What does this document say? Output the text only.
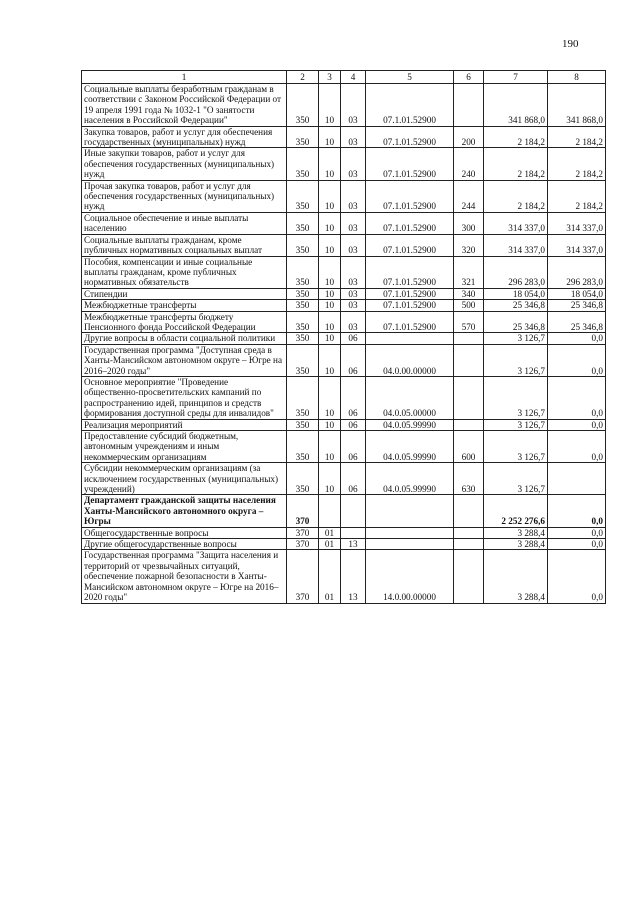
190
1	2	3	4	5	6	7	8
Социальные выплаты безработным гражданам в соответствии с Законом Российской Федерации от 19 апреля 1991 года № 1032-1 "О занятости населения в Российской Федерации"	350	10	03	07.1.01.52900		341 868,0	341 868,0
Закупка товаров, работ и услуг для обеспечения государственных (муниципальных) нужд	350	10	03	07.1.01.52900	200	2 184,2	2 184,2
Иные закупки товаров, работ и услуг для обеспечения государственных (муниципальных) нужд	350	10	03	07.1.01.52900	240	2 184,2	2 184,2
Прочая закупка товаров, работ и услуг для обеспечения государственных (муниципальных) нужд	350	10	03	07.1.01.52900	244	2 184,2	2 184,2
Социальное обеспечение и иные выплаты населению	350	10	03	07.1.01.52900	300	314 337,0	314 337,0
Социальные выплаты гражданам, кроме публичных нормативных социальных выплат	350	10	03	07.1.01.52900	320	314 337,0	314 337,0
Пособия, компенсации и иные социальные выплаты гражданам, кроме публичных нормативных обязательств	350	10	03	07.1.01.52900	321	296 283,0	296 283,0
Стипендии	350	10	03	07.1.01.52900	340	18 054,0	18 054,0
Межбюджетные трансферты	350	10	03	07.1.01.52900	500	25 346,8	25 346,8
Межбюджетные трансферты бюджету Пенсионного фонда Российской Федерации	350	10	03	07.1.01.52900	570	25 346,8	25 346,8
Другие вопросы в области социальной политики	350	10	06			3 126,7	0,0
Государственная программа "Доступная среда в Ханты-Мансийском автономном округе – Югре на 2016–2020 годы"	350	10	06	04.0.00.00000		3 126,7	0,0
Основное мероприятие "Проведение общественно-просветительских кампаний по распространению идей, принципов и средств формирования доступной среды для инвалидов"	350	10	06	04.0.05.00000		3 126,7	0,0
Реализация мероприятий	350	10	06	04.0.05.99990		3 126,7	0,0
Предоставление субсидий бюджетным, автономным учреждениям и иным некоммерческим организациям	350	10	06	04.0.05.99990	600	3 126,7	0,0
Субсидии некоммерческим организациям (за исключением государственных (муниципальных) учреждений)	350	10	06	04.0.05.99990	630	3 126,7	
Департамент гражданской защиты населения Ханты-Мансийского автономного округа – Югры	370					2 252 276,6	0,0
Общегосударственные вопросы	370	01				3 288,4	0,0
Другие общегосударственные вопросы	370	01	13			3 288,4	0,0
Государственная программа "Защита населения и территорий от чрезвычайных ситуаций, обеспечение пожарной безопасности в Ханты-Мансийском автономном округе – Югре на 2016–2020 годы"	370	01	13	14.0.00.00000		3 288,4	0,0
